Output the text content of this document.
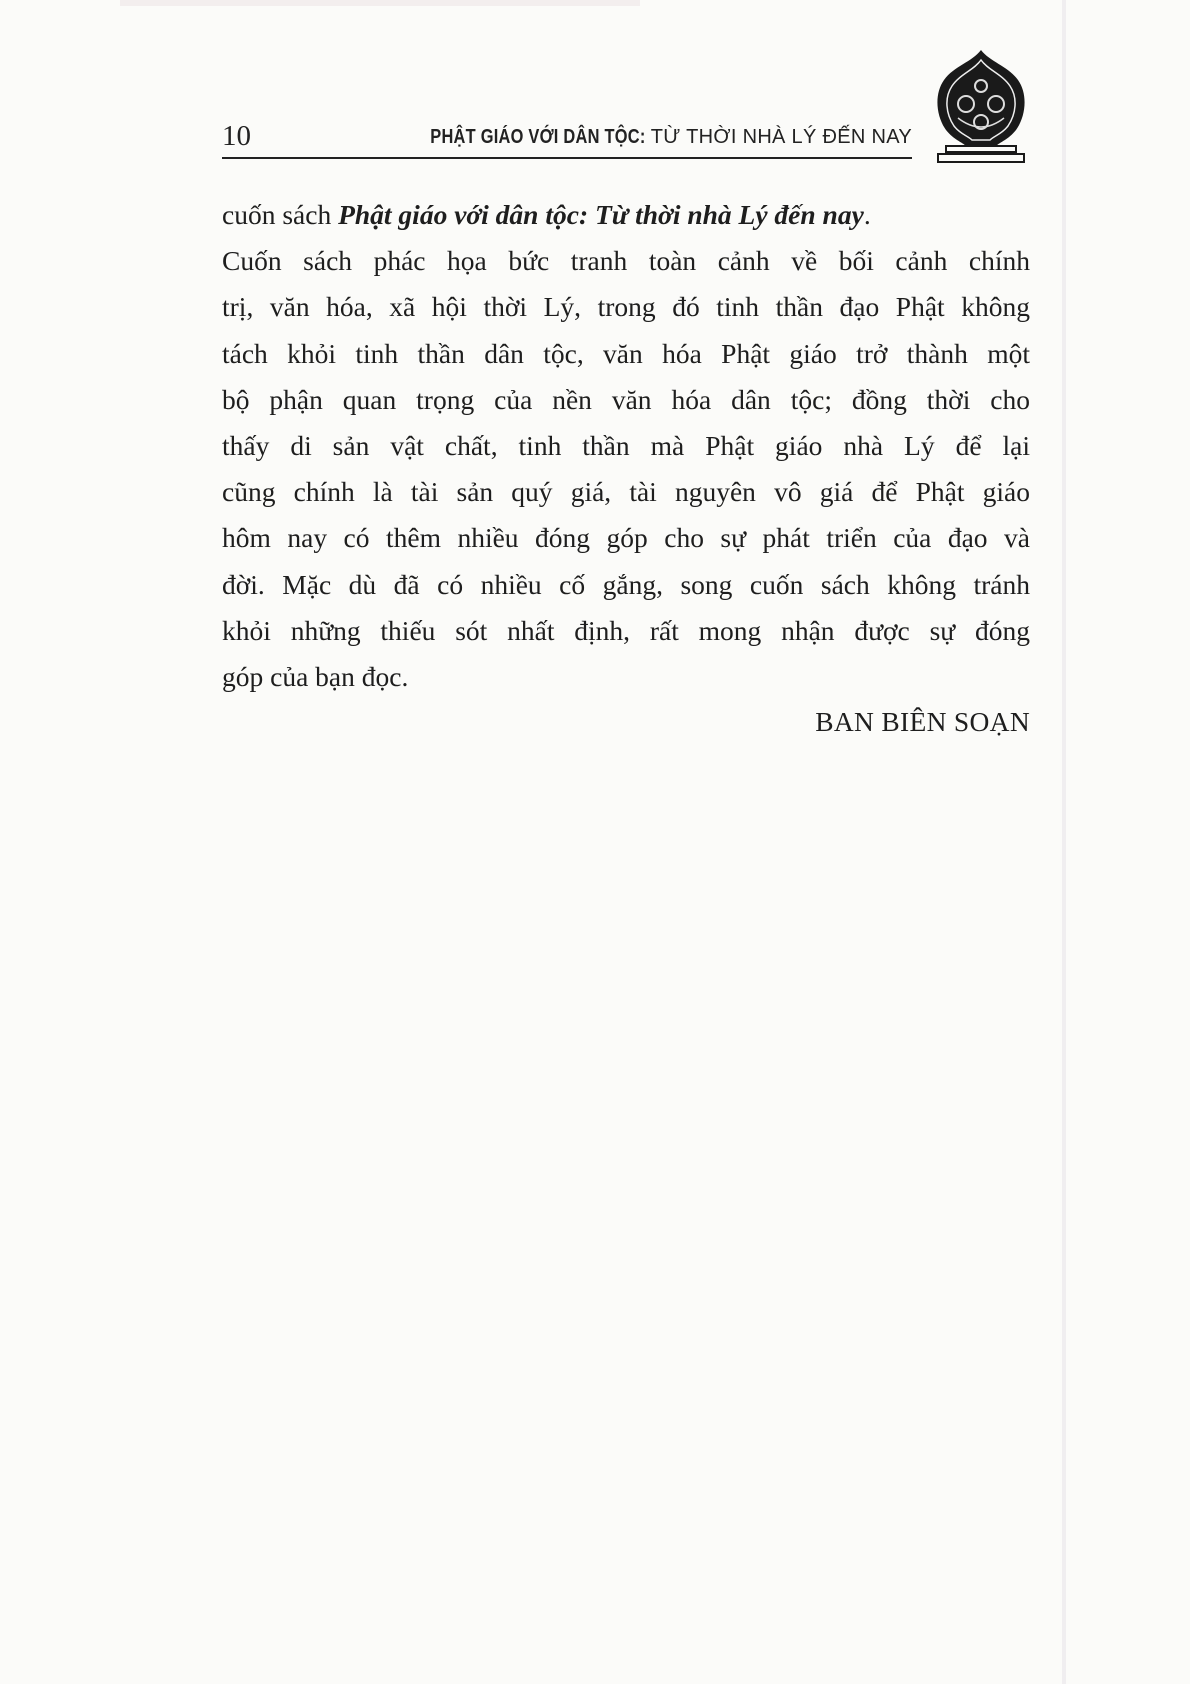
10	PHẬT GIÁO VỚI DÂN TỘC: TỪ THỜI NHÀ LÝ ĐẾN NAY
cuốn sách Phật giáo với dân tộc: Từ thời nhà Lý đến nay.
Cuốn sách phác họa bức tranh toàn cảnh về bối cảnh chính
trị, văn hóa, xã hội thời Lý, trong đó tinh thần đạo Phật không
tách khỏi tinh thần dân tộc, văn hóa Phật giáo trở thành một
bộ phận quan trọng của nền văn hóa dân tộc; đồng thời cho
thấy di sản vật chất, tinh thần mà Phật giáo nhà Lý để lại
cũng chính là tài sản quý giá, tài nguyên vô giá để Phật giáo
hôm nay có thêm nhiều đóng góp cho sự phát triển của đạo và
đời. Mặc dù đã có nhiều cố gắng, song cuốn sách không tránh
khỏi những thiếu sót nhất định, rất mong nhận được sự đóng
góp của bạn đọc.
BAN BIÊN SOẠN
